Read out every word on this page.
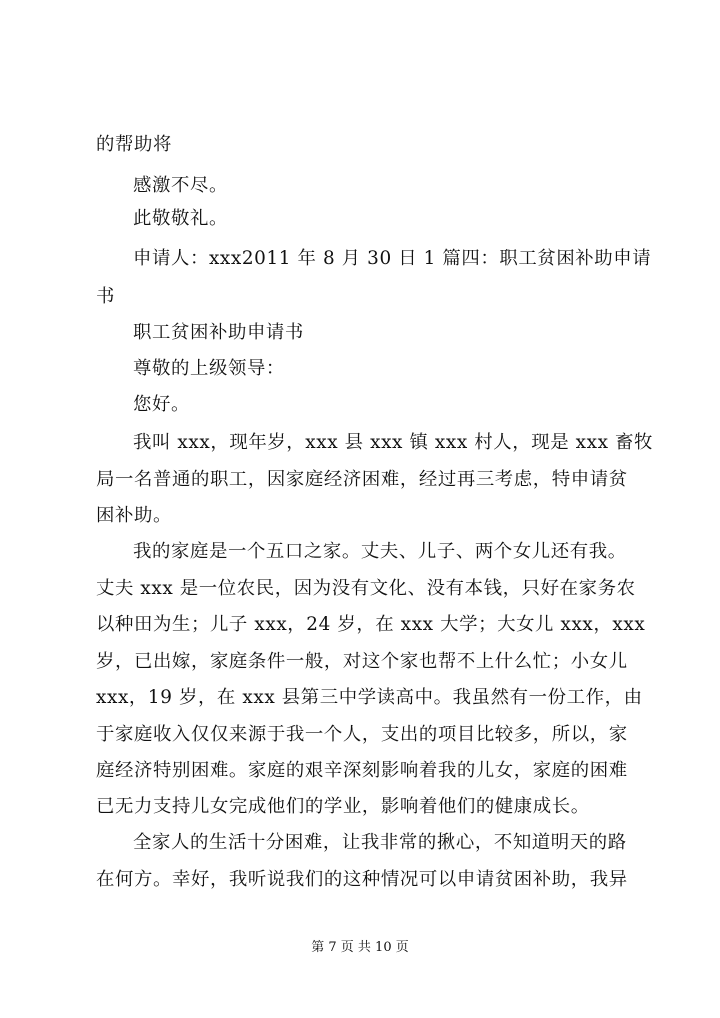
的帮助将
感激不尽。
此敬敬礼。
申请人：xxx2011 年 8 月 30 日 1 篇四：职工贫困补助申请
书
职工贫困补助申请书
尊敬的上级领导：
您好。
我叫 xxx，现年岁，xxx 县 xxx 镇 xxx 村人，现是 xxx 畜牧
局一名普通的职工，因家庭经济困难，经过再三考虑，特申请贫
困补助。
我的家庭是一个五口之家。丈夫、儿子、两个女儿还有我。
丈夫 xxx 是一位农民，因为没有文化、没有本钱，只好在家务农
以种田为生；儿子 xxx，24 岁，在 xxx 大学；大女儿 xxx，xxx
岁，已出嫁，家庭条件一般，对这个家也帮不上什么忙；小女儿
xxx，19 岁，在 xxx 县第三中学读高中。我虽然有一份工作，由
于家庭收入仅仅来源于我一个人，支出的项目比较多，所以，家
庭经济特别困难。家庭的艰辛深刻影响着我的儿女，家庭的困难
已无力支持儿女完成他们的学业，影响着他们的健康成长。
全家人的生活十分困难，让我非常的揪心，不知道明天的路
在何方。幸好，我听说我们的这种情况可以申请贫困补助，我异
第 7 页 共 10 页
